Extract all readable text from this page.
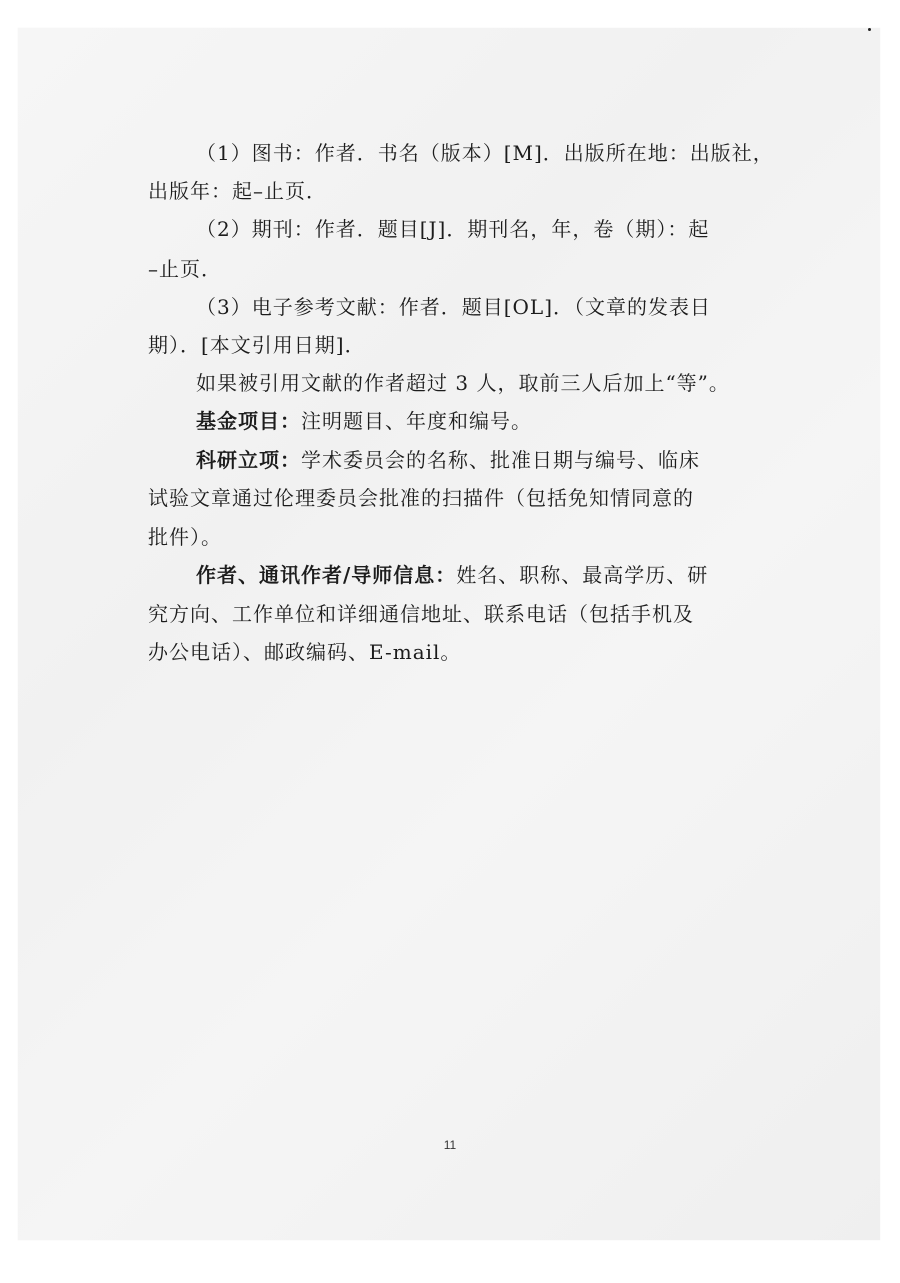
（1）图书：作者．书名（版本）[M]．出版所在地：出版社，
出版年：起–止页．
（2）期刊：作者．题目[J]．期刊名，年，卷（期）：起
–止页．
（3）电子参考文献：作者．题目[OL]．（文章的发表日
期）．[本文引用日期]．
如果被引用文献的作者超过 3 人，取前三人后加上“等”。
基金项目：注明题目、年度和编号。
科研立项：学术委员会的名称、批准日期与编号、临床
试验文章通过伦理委员会批准的扫描件（包括免知情同意的
批件）。
作者、通讯作者/导师信息：姓名、职称、最高学历、研
究方向、工作单位和详细通信地址、联系电话（包括手机及
办公电话）、邮政编码、E-mail。
11
